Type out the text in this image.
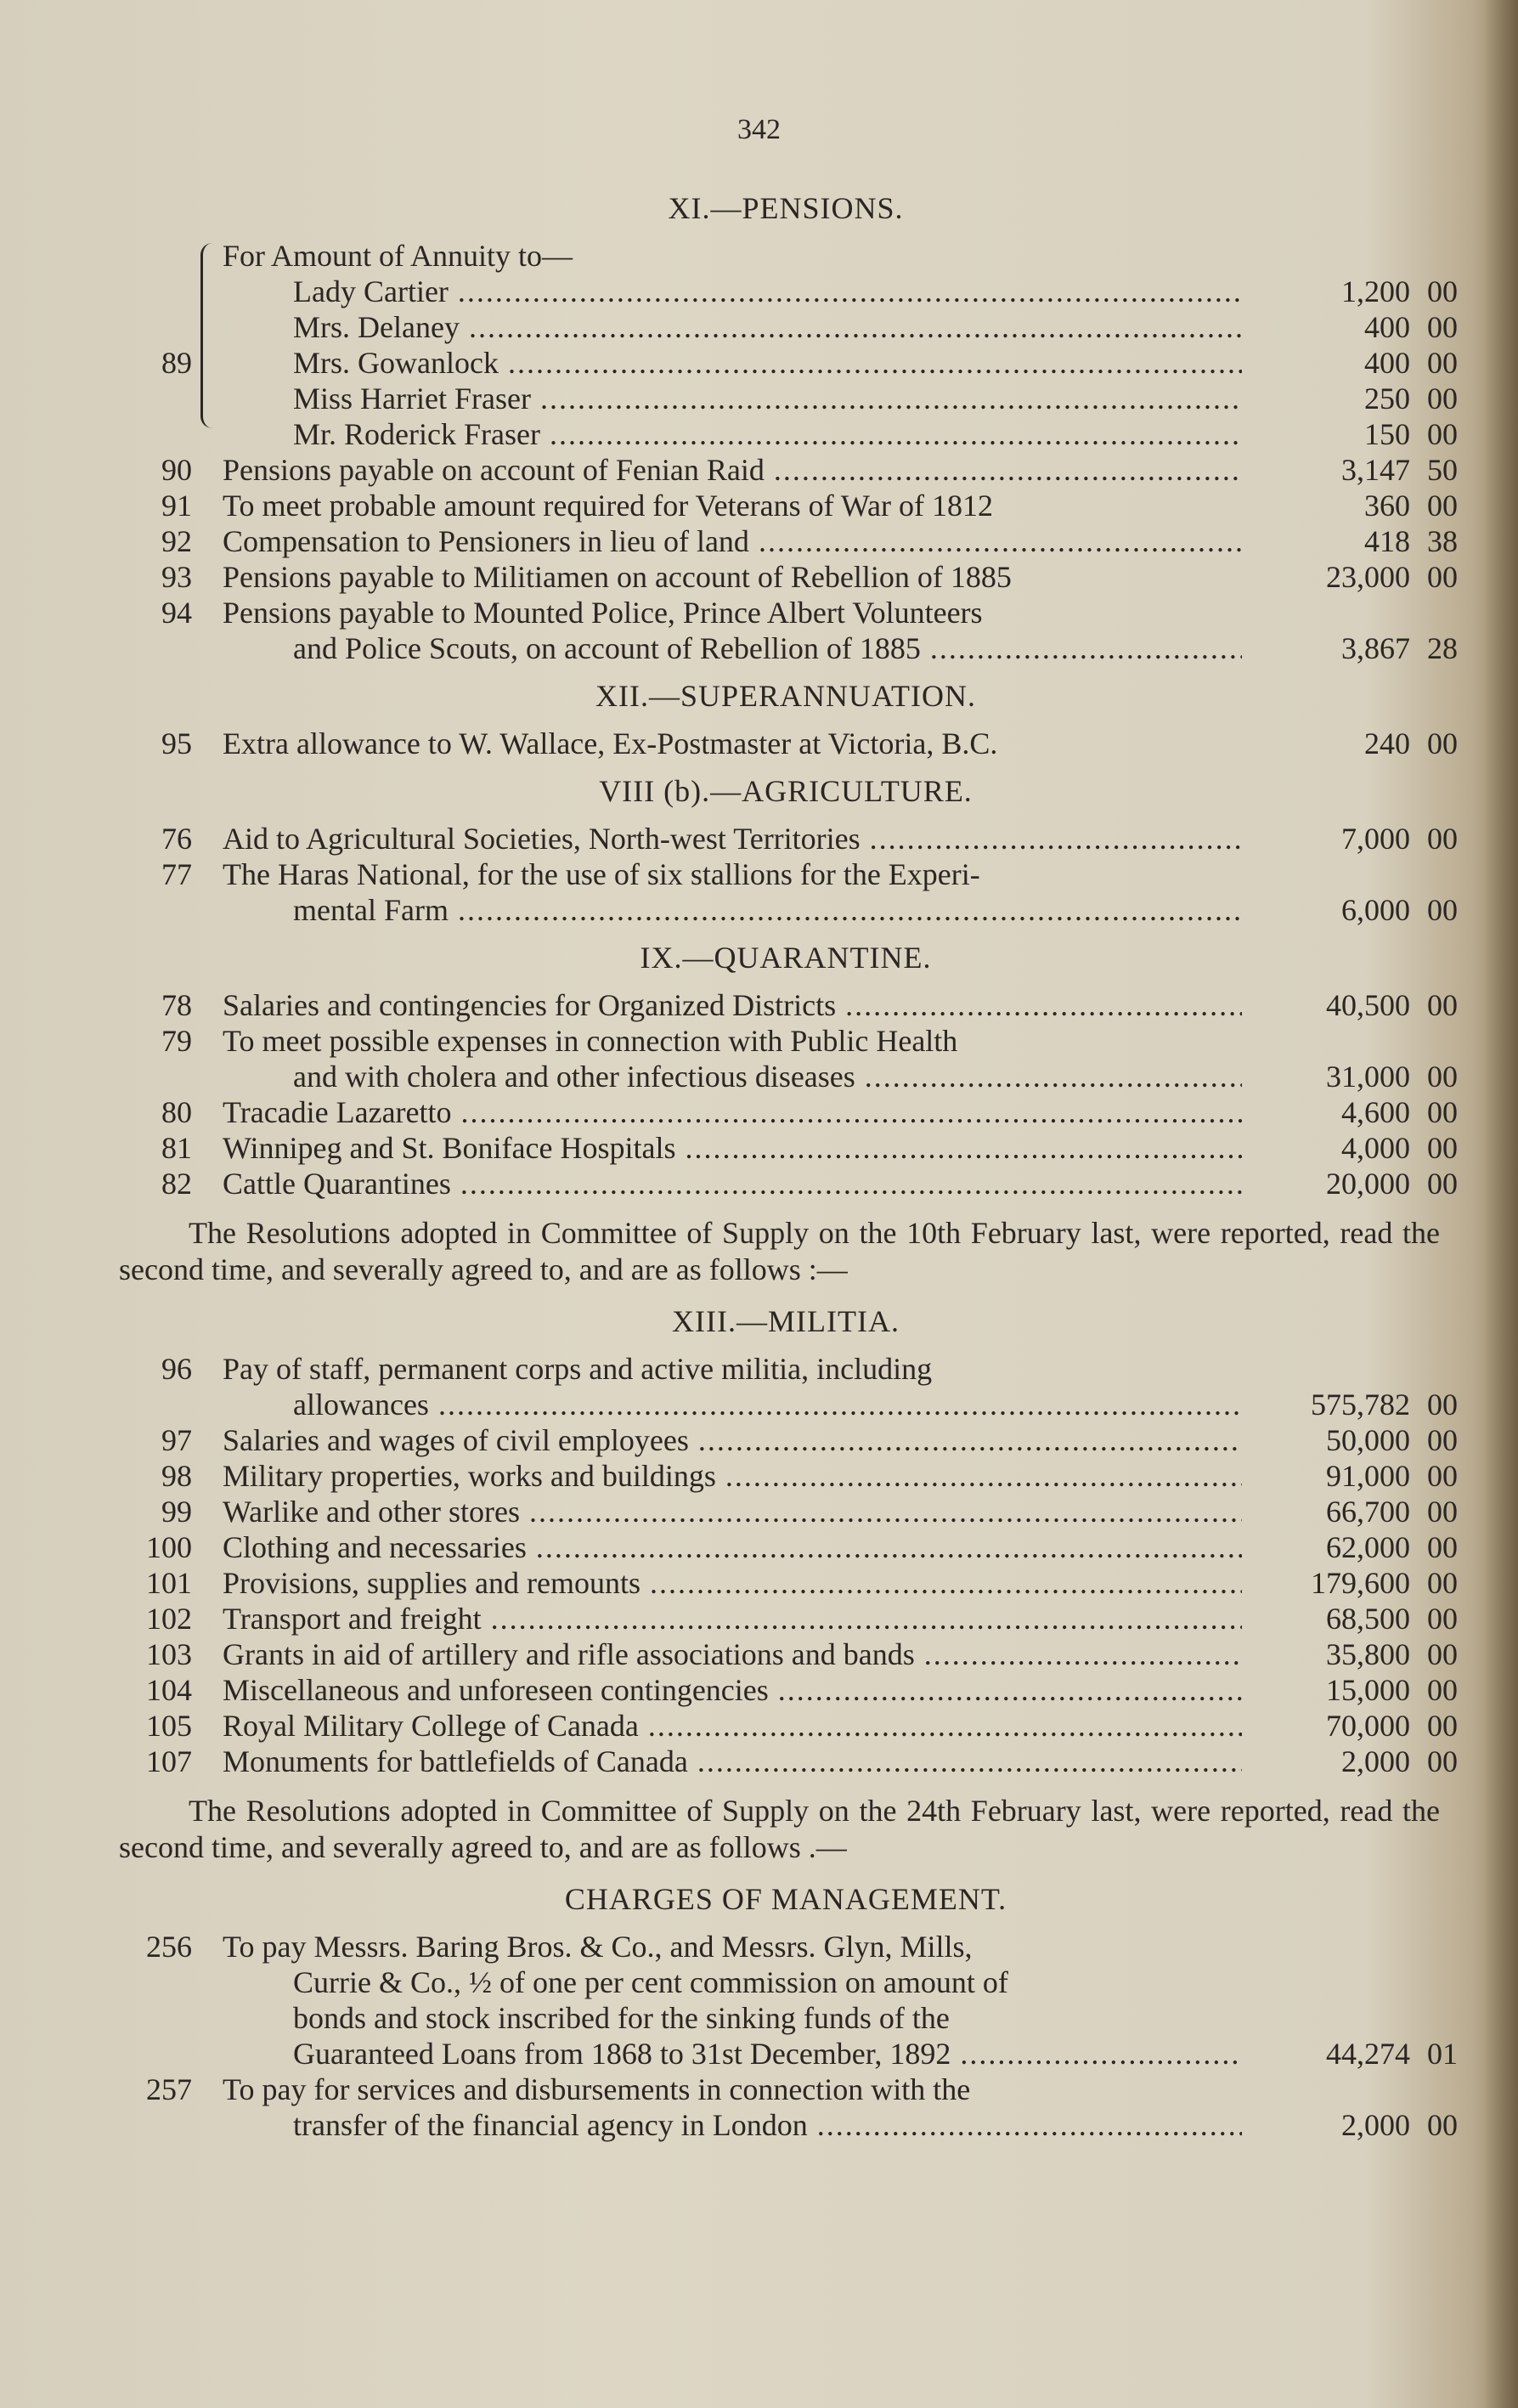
342
XI.—PENSIONS.
For Amount of Annuity to—
Lady Cartier .....	1,200 00
Mrs. Delaney .....	400 00
89	Mrs. Gowanlock .....	400 00
Miss Harriet Fraser .....	250 00
Mr. Roderick Fraser .....	150 00
90 Pensions payable on account of Fenian Raid .....	3,147 50
91 To meet probable amount required for Veterans of War of 1812	360 00
92 Compensation to Pensioners in lieu of land .....	418 38
93 Pensions payable to Militiamen on account of Rebellion of 1885	23,000 00
94 Pensions payable to Mounted Police, Prince Albert Volunteers
and Police Scouts, on account of Rebellion of 1885 .....	3,867 28
XII.—SUPERANNUATION.
95 Extra allowance to W. Wallace, Ex-Postmaster at Victoria, B.C.	240 00
VIII (b).—AGRICULTURE.
76 Aid to Agricultural Societies, North-west Territories .....	7,000 00
77 The Haras National, for the use of six stallions for the Experi-
mental Farm .....	6,000 00
IX.—QUARANTINE.
78 Salaries and contingencies for Organized Districts .....	40,500 00
79 To meet possible expenses in connection with Public Health
and with cholera and other infectious diseases .....	31,000 00
80 Tracadie Lazaretto .....	4,600 00
81 Winnipeg and St. Boniface Hospitals .....	4,000 00
82 Cattle Quarantines .....	20,000 00

The Resolutions adopted in Committee of Supply on the 10th February last, were reported, read the second time, and severally agreed to, and are as follows :—

XIII.—MILITIA.
96 Pay of staff, permanent corps and active militia, including
allowances .....	575,782 00
97 Salaries and wages of civil employees .....	50,000 00
98 Military properties, works and buildings .....	91,000 00
99 Warlike and other stores .....	66,700 00
100 Clothing and necessaries .....	62,000 00
101 Provisions, supplies and remounts .....	179,600 00
102 Transport and freight .....	68,500 00
103 Grants in aid of artillery and rifle associations and bands .....	35,800 00
104 Miscellaneous and unforeseen contingencies .....	15,000 00
105 Royal Military College of Canada .....	70,000 00
107 Monuments for battlefields of Canada .....	2,000 00

The Resolutions adopted in Committee of Supply on the 24th February last, were reported, read the second time, and severally agreed to, and are as follows .—

CHARGES OF MANAGEMENT.
256 To pay Messrs. Baring Bros. & Co., and Messrs. Glyn, Mills,
Currie & Co., ½ of one per cent commission on amount of
bonds and stock inscribed for the sinking funds of the
Guaranteed Loans from 1868 to 31st December, 1892 .....	44,274 01
257 To pay for services and disbursements in connection with the
transfer of the financial agency in London .....	2,000 00
